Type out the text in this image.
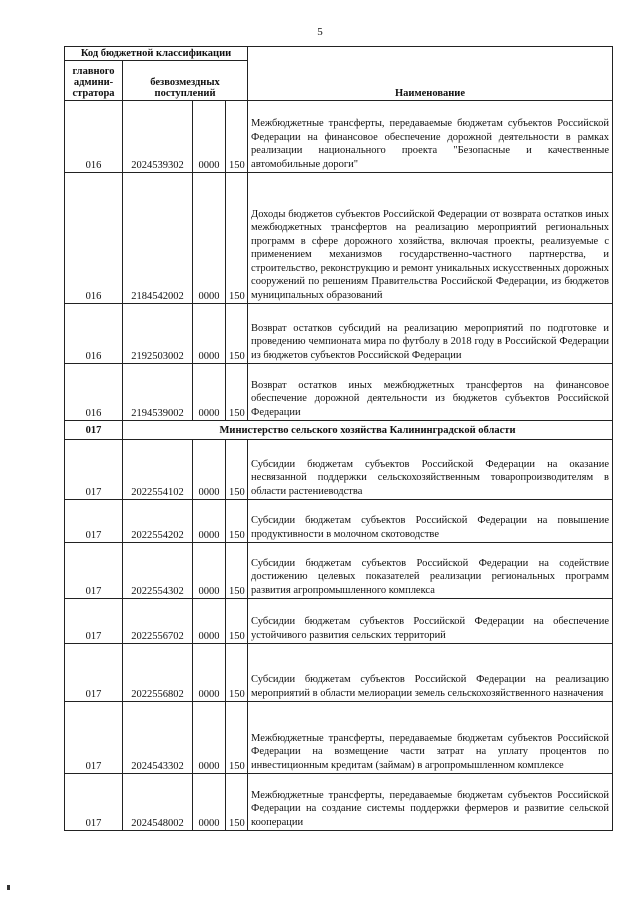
5
Код бюджетной классификации				Наименование
главного админи-стратора	безвозмездных поступлений			
016	2024539302	0000	150	Межбюджетные трансферты, передаваемые бюджетам субъектов Российской Федерации на финансовое обеспечение дорожной деятельности в рамках реализации национального проекта "Безопасные и качественные автомобильные дороги"
016	2184542002	0000	150	Доходы бюджетов субъектов Российской Федерации от возврата остатков иных межбюджетных трансфертов на реализацию мероприятий региональных программ в сфере дорожного хозяйства, включая проекты, реализуемые с применением механизмов государственно-частного партнерства, и строительство, реконструкцию и ремонт уникальных искусственных дорожных сооружений по решениям Правительства Российской Федерации, из бюджетов муниципальных образований
016	2192503002	0000	150	Возврат остатков субсидий на реализацию мероприятий по подготовке и проведению чемпионата мира по футболу в 2018 году в Российской Федерации из бюджетов субъектов Российской Федерации
016	2194539002	0000	150	Возврат остатков иных межбюджетных трансфертов на финансовое обеспечение дорожной деятельности из бюджетов субъектов Российской Федерации
017	Министерство сельского хозяйства Калининградской области			
017	2022554102	0000	150	Субсидии бюджетам субъектов Российской Федерации на оказание несвязанной поддержки сельскохозяйственным товаропроизводителям в области растениеводства
017	2022554202	0000	150	Субсидии бюджетам субъектов Российской Федерации на повышение продуктивности в молочном скотоводстве
017	2022554302	0000	150	Субсидии бюджетам субъектов Российской Федерации на содействие достижению целевых показателей реализации региональных программ развития агропромышленного комплекса
017	2022556702	0000	150	Субсидии бюджетам субъектов Российской Федерации на обеспечение устойчивого развития сельских территорий
017	2022556802	0000	150	Субсидии бюджетам субъектов Российской Федерации на реализацию мероприятий в области мелиорации земель сельскохозяйственного назначения
017	2024543302	0000	150	Межбюджетные трансферты, передаваемые бюджетам субъектов Российской Федерации на возмещение части затрат на уплату процентов по инвестиционным кредитам (займам) в агропромышленном комплексе
017	2024548002	0000	150	Межбюджетные трансферты, передаваемые бюджетам субъектов Российской Федерации на создание системы поддержки фермеров и развитие сельской кооперации
